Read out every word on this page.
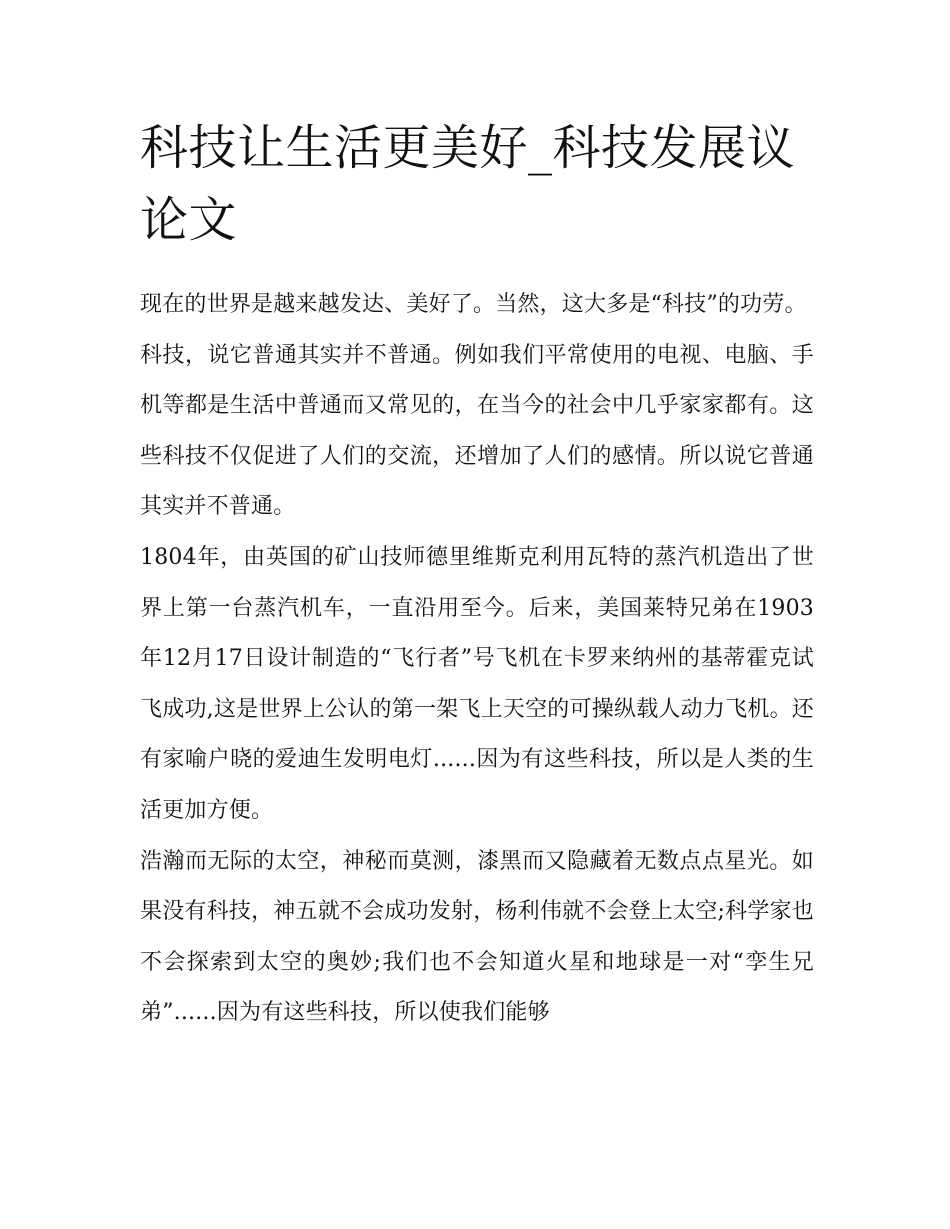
科技让生活更美好_科技发展议论文

现在的世界是越来越发达、美好了。当然，这大多是“科技”的功劳。

科技，说它普通其实并不普通。例如我们平常使用的电视、电脑、手机等都是生活中普通而又常见的，在当今的社会中几乎家家都有。这些科技不仅促进了人们的交流，还增加了人们的感情。所以说它普通其实并不普通。

1804年，由英国的矿山技师德里维斯克利用瓦特的蒸汽机造出了世界上第一台蒸汽机车，一直沿用至今。后来，美国莱特兄弟在1903年12月17日设计制造的“飞行者”号飞机在卡罗来纳州的基蒂霍克试飞成功,这是世界上公认的第一架飞上天空的可操纵载人动力飞机。还有家喻户晓的爱迪生发明电灯......因为有这些科技，所以是人类的生活更加方便。

浩瀚而无际的太空，神秘而莫测，漆黑而又隐藏着无数点点星光。如果没有科技，神五就不会成功发射，杨利伟就不会登上太空;科学家也不会探索到太空的奥妙;我们也不会知道火星和地球是一对“孪生兄弟”......因为有这些科技，所以使我们能够
